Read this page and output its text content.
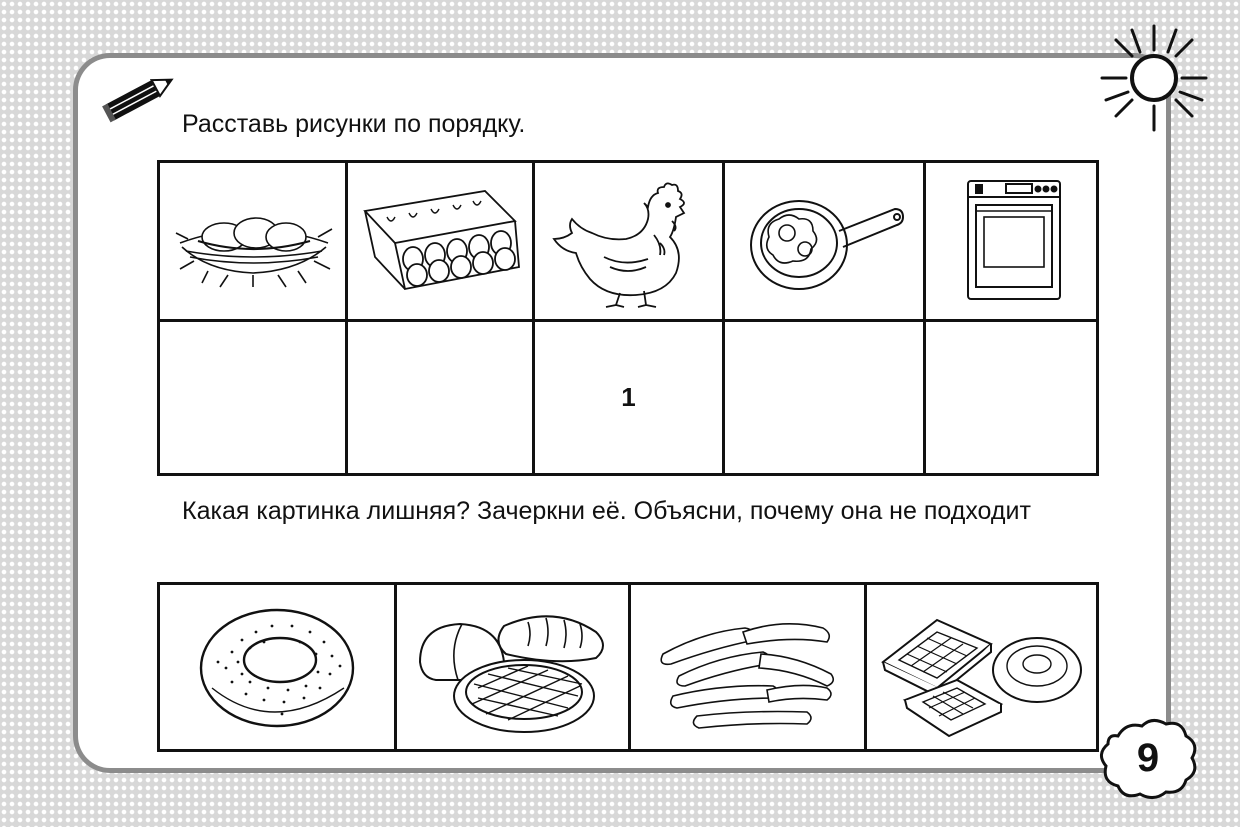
Расставь рисунки по порядку.
1

Какая картинка лишняя? Зачеркни её. Объясни, почему она не подходит

9
